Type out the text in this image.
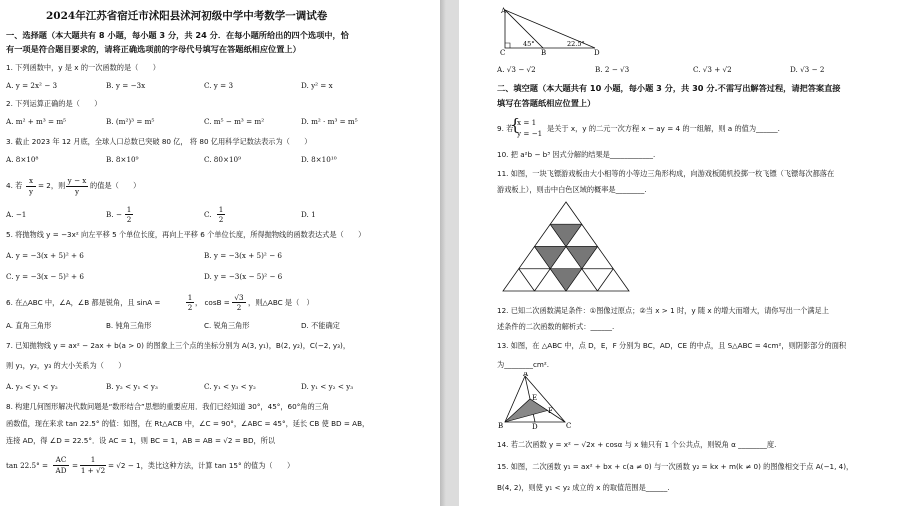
2024年江苏省宿迁市沭阳县沭河初级中学中考数学一调试卷
一、选择题（本大题共有 8 小题，每小题 3 分，共 24 分．在每小题所给出的四个选项中，恰
有一项是符合题目要求的，请将正确选项前的字母代号填写在答题纸相应位置上）
1. 下列函数中，y 是 x 的一次函数的是（　　）
A. y = 2x² − 3	B. y = −3x	C. y = 3	D. y² = x
2. 下列运算正确的是（　　）
A. m² + m³ = m⁵	B. (m²)³ = m⁵	C. m⁵ − m³ = m²	D. m² · m³ = m⁵
3. 截止 2023 年 12 月底，全球人口总数已突破 80 亿， 将 80 亿用科学记数法表示为（　　）
A. 8×10⁸	B. 8×10⁹	C. 80×10⁹	D. 8×10¹⁰
4. 若
x
y
= 2，则
y − x
y
的值是（　　）
A. −1	B. −
1
2
C.
1
2
D. 1
5. 将抛物线 y = −3x² 向左平移 5 个单位长度，再向上平移 6 个单位长度，所得抛物线的函数表达式是（　　）
A. y = −3(x + 5)² + 6	B. y = −3(x + 5)² − 6
C. y = −3(x − 5)² + 6	D. y = −3(x − 5)² − 6
6. 在△ABC 中，∠A，∠B 都是锐角，且 sinA =
1
2
， cosB =
√3
2
，则△ABC 是（　）
A. 直角三角形	B. 钝角三角形	C. 锐角三角形	D. 不能确定
7. 已知抛物线 y = ax² − 2ax + b(a > 0) 的图象上三个点的坐标分别为 A(3, y₁)，B(2, y₂)，C(−2, y₃)，
则 y₁，y₂，y₃ 的大小关系为（　　）
A. y₃ < y₁ < y₂	B. y₂ < y₁ < y₃	C. y₁ < y₃ < y₂	D. y₁ < y₂ < y₃
8. 构建几何图形解决代数问题是“数形结合”思想的重要应用．我们已经知道 30°，45°，60°角的三角
函数值，现在来求 tan 22.5° 的值：如图，在 Rt△ACB 中，∠C = 90°，∠ABC = 45°，延长 CB 使 BD = AB，
连接 AD，得 ∠D = 22.5°．设 AC = 1，则 BC = 1，AB = AB = √2 = BD，所以
tan 22.5° =
AC
AD
=
1
1 + √2
= √2 − 1，类比这种方法，计算 tan 15° 的值为（　　）
A
C	B	D
45°	22.5°
A. √3 − √2	B. 2 − √3	C. √3 + √2	D. √3 − 2
二、填空题（本大题共有 10 小题，每小题 3 分，共 30 分.不需写出解答过程，请把答案直接
填写在答题纸相应位置上）
9. 若
{
x = 1
y = −1
是关于 x，y 的二元一次方程 x − ay = 4 的一组解，则 a 的值为______.
10. 把 a²b − b³ 因式分解的结果是____________.
11. 如图，一块飞镖游戏板由大小相等的小等边三角形构成，向游戏板随机投掷一枚飞镖（飞镖每次都落在
游戏板上），则击中白色区域的概率是________.
12. 已知二次函数满足条件：①图像过原点；②当 x > 1 时，y 随 x 的增大而增大，请你写出一个满足上
述条件的二次函数的解析式：______.
13. 如图，在 △ABC 中，点 D，E，F 分别为 BC，AD，CE 的中点，且 S△ABC = 4cm²，则阴影部分的面积
为________cm².
A
E
F
B	D	C
14. 若二次函数 y = x² − √2x + cosα 与 x 轴只有 1 个公共点，则锐角 α ________度.
15. 如图，二次函数 y₁ = ax² + bx + c(a ≠ 0) 与一次函数 y₂ = kx + m(k ≠ 0) 的图像相交于点 A(−1, 4)，
B(4, 2)，则使 y₁ < y₂ 成立的 x 的取值范围是______.
